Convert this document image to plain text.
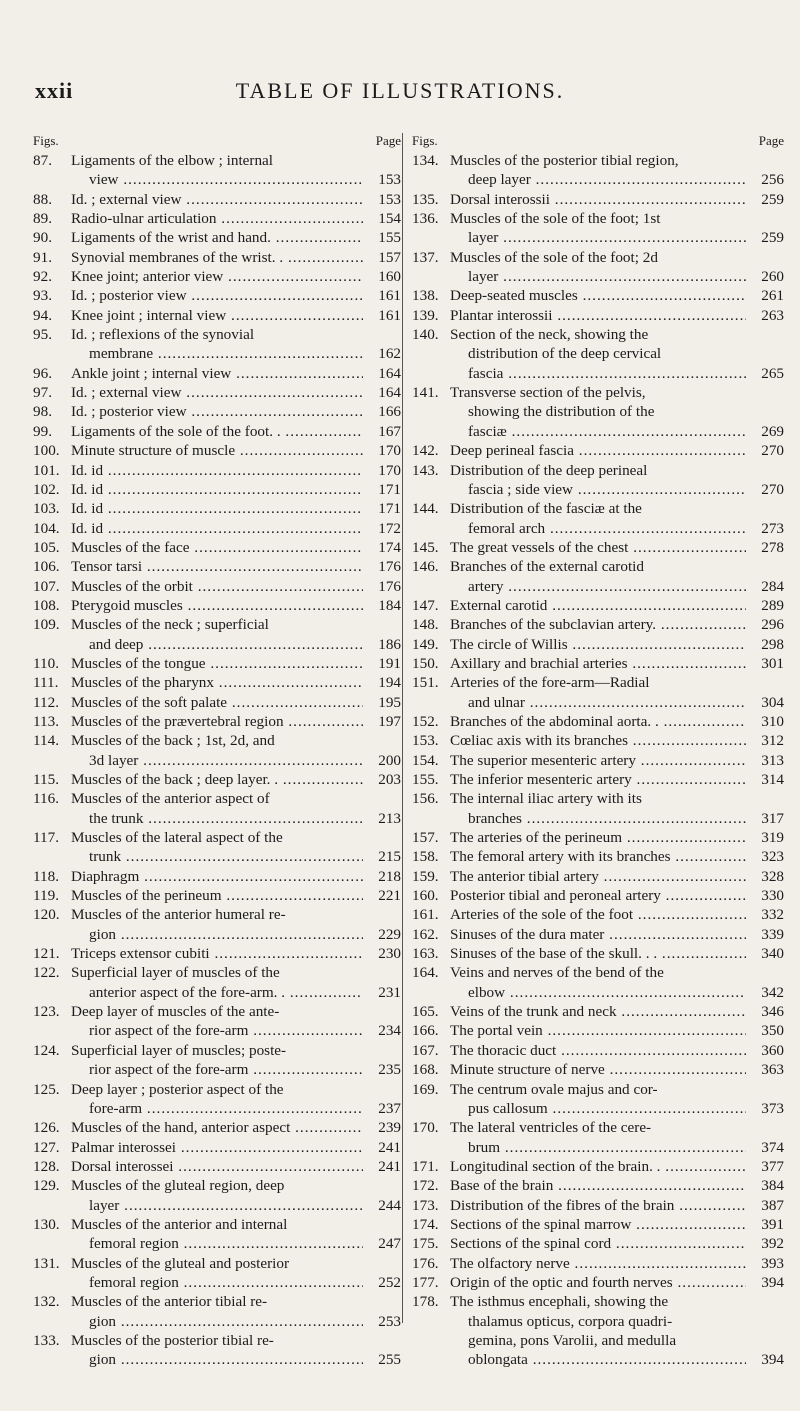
xxii	TABLE OF ILLUSTRATIONS.
Figs.	Page
87.	Ligaments of the elbow ; internal
view .....	153
88.	Id. ; external view .....	153
89.	Radio-ulnar articulation .....	154
90.	Ligaments of the wrist and hand. .....	155
91.	Synovial membranes of the wrist. . .....	157
92.	Knee joint; anterior view .....	160
93.	Id. ; posterior view .....	161
94.	Knee joint ; internal view .....	161
95.	Id. ; reflexions of the synovial
membrane .....	162
96.	Ankle joint ; internal view .....	164
97.	Id. ; external view .....	164
98.	Id. ; posterior view .....	166
99.	Ligaments of the sole of the foot. . .....	167
100. Minute structure of muscle .....	170
101. Id. id .....	170
102. Id. id .....	171
103. Id. id .....	171
104. Id. id .....	172
105. Muscles of the face .....	174
106. Tensor tarsi .....	176
107. Muscles of the orbit .....	176
108. Pterygoid muscles .....	184
109. Muscles of the neck ; superficial
and deep .....	186
110. Muscles of the tongue .....	191
111. Muscles of the pharynx .....	194
112. Muscles of the soft palate .....	195
113. Muscles of the prævertebral region .....	197
114. Muscles of the back ; 1st, 2d, and
3d layer .....	200
115. Muscles of the back ; deep layer. . .....	203
116. Muscles of the anterior aspect of
the trunk .....	213
117. Muscles of the lateral aspect of the
trunk .....	215
118. Diaphragm .....	218
119. Muscles of the perineum .....	221
120. Muscles of the anterior humeral re-
gion .....	229
121. Triceps extensor cubiti .....	230
122. Superficial layer of muscles of the
anterior aspect of the fore-arm. . .....	231
123. Deep layer of muscles of the ante-
rior aspect of the fore-arm .....	234
124. Superficial layer of muscles; poste-
rior aspect of the fore-arm .....	235
125. Deep layer ; posterior aspect of the
fore-arm .....	237
126. Muscles of the hand, anterior aspect .....	239
127. Palmar interossei .....	241
128. Dorsal interossei .....	241
129. Muscles of the gluteal region, deep
layer .....	244
130. Muscles of the anterior and internal
femoral region .....	247
131. Muscles of the gluteal and posterior
femoral region .....	252
132. Muscles of the anterior tibial re-
gion .....	253
133. Muscles of the posterior tibial re-
gion .....	255
Figs.	Page
134. Muscles of the posterior tibial region,
deep layer .....	256
135. Dorsal interossii .....	259
136. Muscles of the sole of the foot; 1st
layer .....	259
137. Muscles of the sole of the foot; 2d
layer .....	260
138. Deep-seated muscles .....	261
139. Plantar interossii .....	263
140. Section of the neck, showing the
distribution of the deep cervical
fascia .....	265
141. Transverse section of the pelvis,
showing the distribution of the
fasciæ .....	269
142. Deep perineal fascia .....	270
143. Distribution of the deep perineal
fascia ; side view .....	270
144. Distribution of the fasciæ at the
femoral arch .....	273
145. The great vessels of the chest .....	278
146. Branches of the external carotid
artery .....	284
147. External carotid .....	289
148. Branches of the subclavian artery. .....	296
149. The circle of Willis .....	298
150. Axillary and brachial arteries .....	301
151. Arteries of the fore-arm—Radial
and ulnar .....	304
152. Branches of the abdominal aorta. . .....	310
153. Cœliac axis with its branches .....	312
154. The superior mesenteric artery .....	313
155. The inferior mesenteric artery .....	314
156. The internal iliac artery with its
branches .....	317
157. The arteries of the perineum .....	319
158. The femoral artery with its branches .....	323
159. The anterior tibial artery .....	328
160. Posterior tibial and peroneal artery .....	330
161. Arteries of the sole of the foot .....	332
162. Sinuses of the dura mater .....	339
163. Sinuses of the base of the skull. . . .....	340
164. Veins and nerves of the bend of the
elbow .....	342
165. Veins of the trunk and neck .....	346
166. The portal vein .....	350
167. The thoracic duct .....	360
168. Minute structure of nerve .....	363
169. The centrum ovale majus and cor-
pus callosum .....	373
170. The lateral ventricles of the cere-
brum .....	374
171. Longitudinal section of the brain. . .....	377
172. Base of the brain .....	384
173. Distribution of the fibres of the brain .....	387
174. Sections of the spinal marrow .....	391
175. Sections of the spinal cord .....	392
176. The olfactory nerve .....	393
177. Origin of the optic and fourth nerves .....	394
178. The isthmus encephali, showing the
thalamus opticus, corpora quadri-
gemina, pons Varolii, and medulla
oblongata .....	394
